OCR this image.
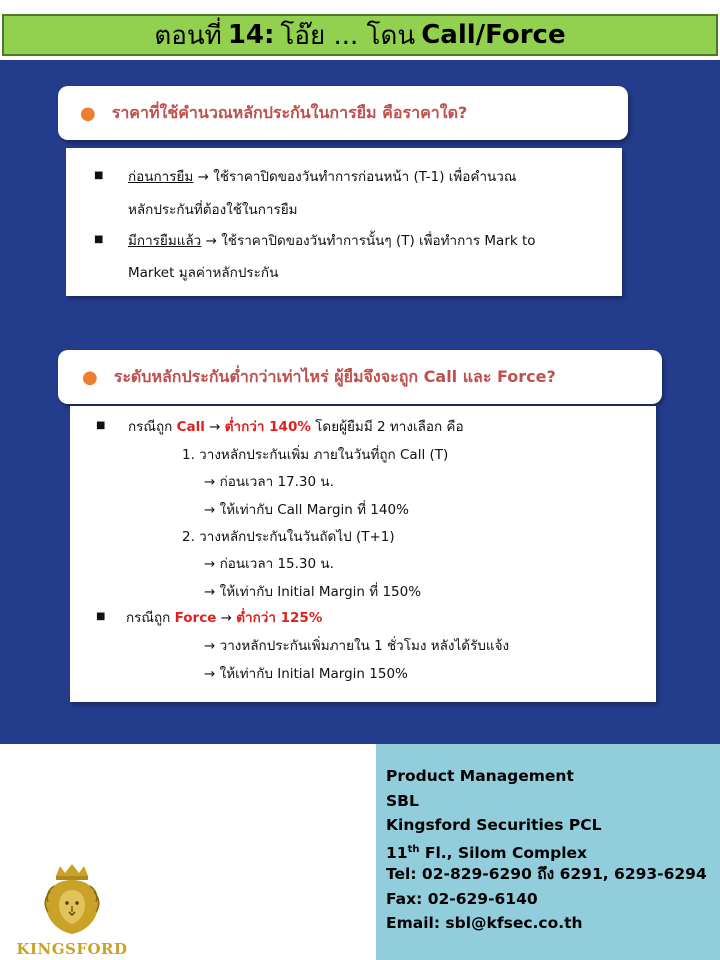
ตอนที่ 14: โอ๊ย ... โดน Call/Force
● ราคาที่ใช้คำนวณหลักประกันในการยืม คือราคาใด?
■ ก่อนการยืม → ใช้ราคาปิดของวันทำการก่อนหน้า (T-1) เพื่อคำนวณ
หลักประกันที่ต้องใช้ในการยืม
■ มีการยืมแล้ว → ใช้ราคาปิดของวันทำการนั้นๆ (T) เพื่อทำการ Mark to
Market มูลค่าหลักประกัน
● ระดับหลักประกันต่ำกว่าเท่าไหร่ ผู้ยืมจึงจะถูก Call และ Force?
■ กรณีถูก Call → ต่ำกว่า 140% โดยผู้ยืมมี 2 ทางเลือก คือ
1. วางหลักประกันเพิ่ม ภายในวันที่ถูก Call (T)
→ ก่อนเวลา 17.30 น.
→ ให้เท่ากับ Call Margin ที่ 140%
2. วางหลักประกันในวันถัดไป (T+1)
→ ก่อนเวลา 15.30 น.
→ ให้เท่ากับ Initial Margin ที่ 150%
■ กรณีถูก Force → ต่ำกว่า 125%
→ วางหลักประกันเพิ่มภายใน 1 ชั่วโมง หลังได้รับแจ้ง
→ ให้เท่ากับ Initial Margin 150%
KINGSFORD
Product Management
SBL
Kingsford Securities PCL
11th Fl., Silom Complex
Tel: 02-829-6290 ถึง 6291, 6293-6294
Fax: 02-629-6140
Email: sbl@kfsec.co.th
